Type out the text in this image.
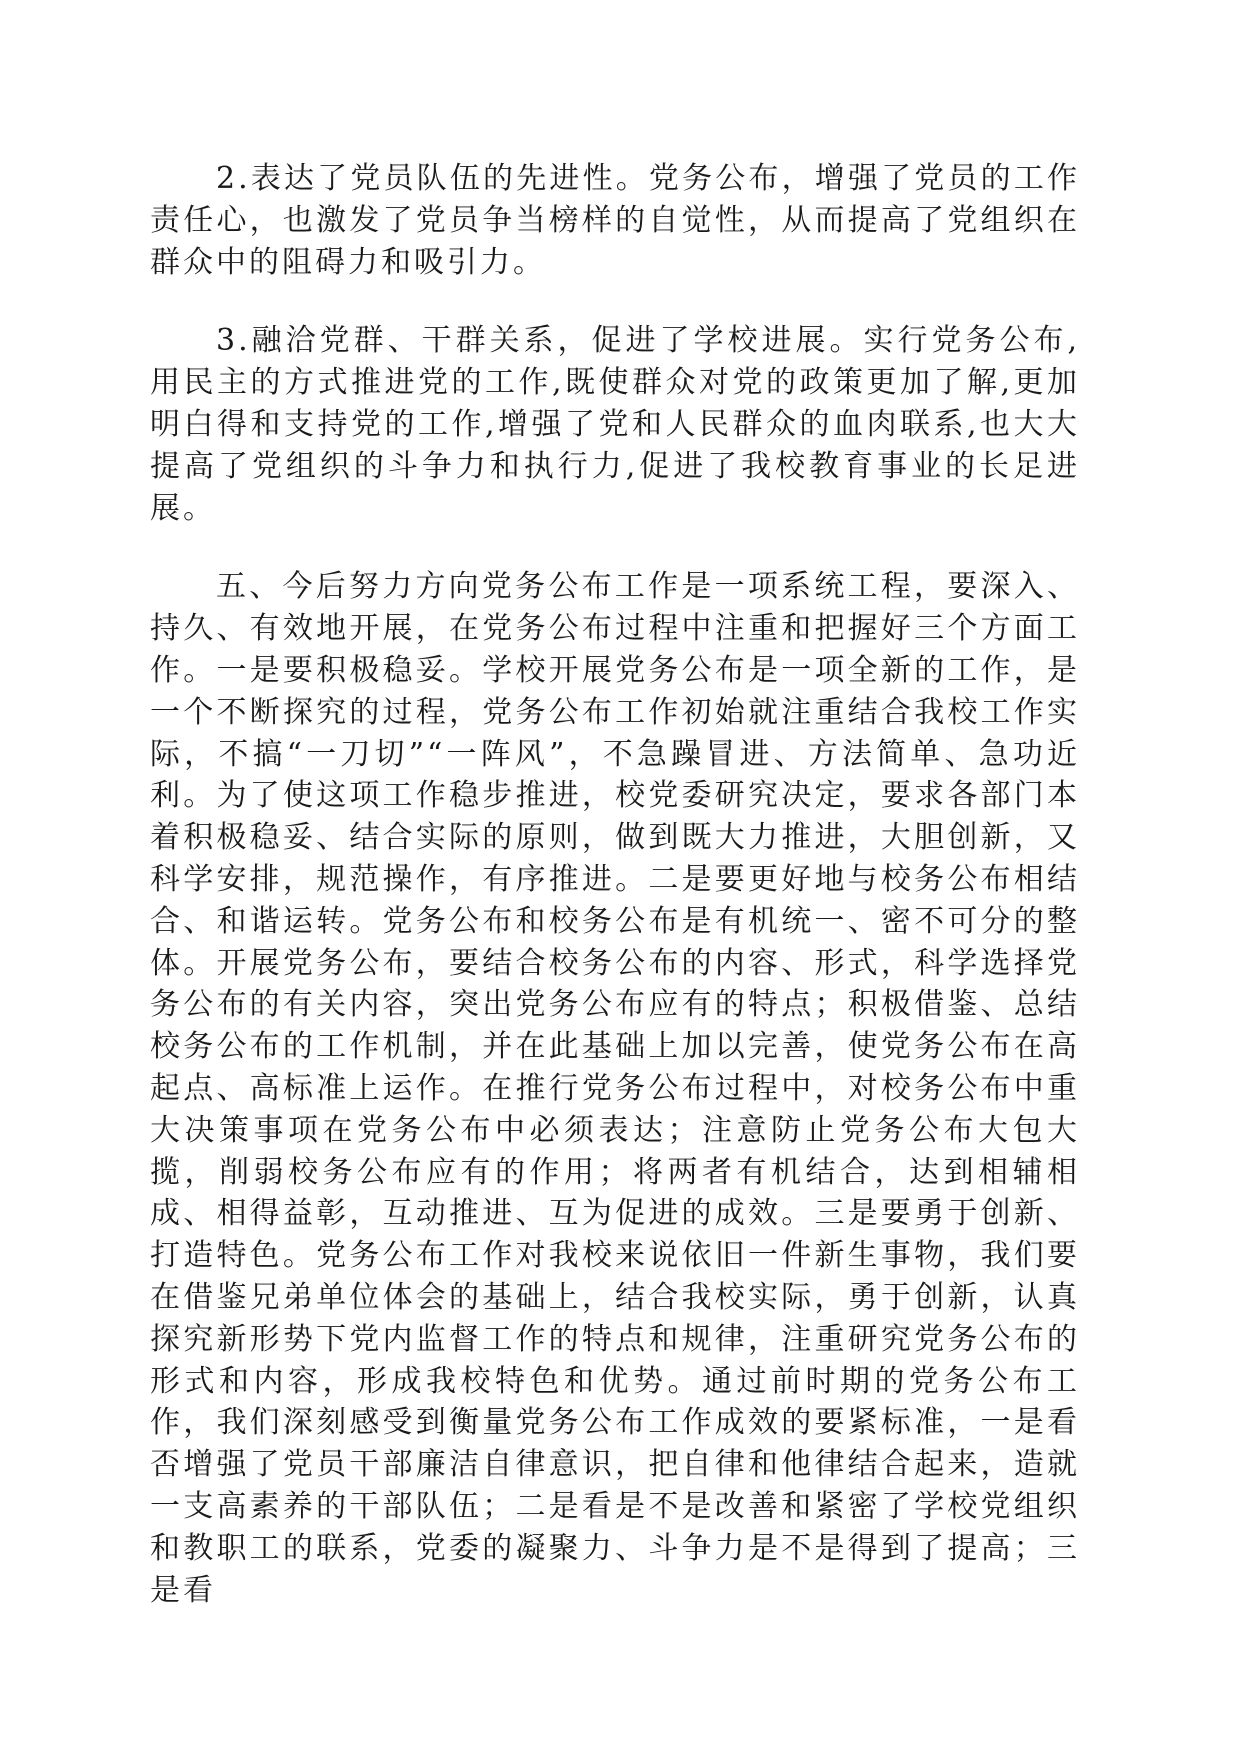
2.表达了党员队伍的先进性。党务公布，增强了党员的工作责任心，也激发了党员争当榜样的自觉性，从而提高了党组织在群众中的阻碍力和吸引力。

3.融洽党群、干群关系，促进了学校进展。实行党务公布,用民主的方式推进党的工作,既使群众对党的政策更加了解,更加明白得和支持党的工作,增强了党和人民群众的血肉联系,也大大提高了党组织的斗争力和执行力,促进了我校教育事业的长足进展。

五、今后努力方向党务公布工作是一项系统工程，要深入、持久、有效地开展，在党务公布过程中注重和把握好三个方面工作。一是要积极稳妥。学校开展党务公布是一项全新的工作，是一个不断探究的过程，党务公布工作初始就注重结合我校工作实际，不搞“一刀切”“一阵风”，不急躁冒进、方法简单、急功近利。为了使这项工作稳步推进，校党委研究决定，要求各部门本着积极稳妥、结合实际的原则，做到既大力推进，大胆创新，又科学安排，规范操作，有序推进。二是要更好地与校务公布相结合、和谐运转。党务公布和校务公布是有机统一、密不可分的整体。开展党务公布，要结合校务公布的内容、形式，科学选择党务公布的有关内容，突出党务公布应有的特点；积极借鉴、总结校务公布的工作机制，并在此基础上加以完善，使党务公布在高起点、高标准上运作。在推行党务公布过程中，对校务公布中重大决策事项在党务公布中必须表达；注意防止党务公布大包大揽，削弱校务公布应有的作用；将两者有机结合，达到相辅相成、相得益彰，互动推进、互为促进的成效。三是要勇于创新、打造特色。党务公布工作对我校来说依旧一件新生事物，我们要在借鉴兄弟单位体会的基础上，结合我校实际，勇于创新，认真探究新形势下党内监督工作的特点和规律，注重研究党务公布的形式和内容，形成我校特色和优势。通过前时期的党务公布工作，我们深刻感受到衡量党务公布工作成效的要紧标准，一是看否增强了党员干部廉洁自律意识，把自律和他律结合起来，造就一支高素养的干部队伍；二是看是不是改善和紧密了学校党组织和教职工的联系，党委的凝聚力、斗争力是不是得到了提高；三是看
